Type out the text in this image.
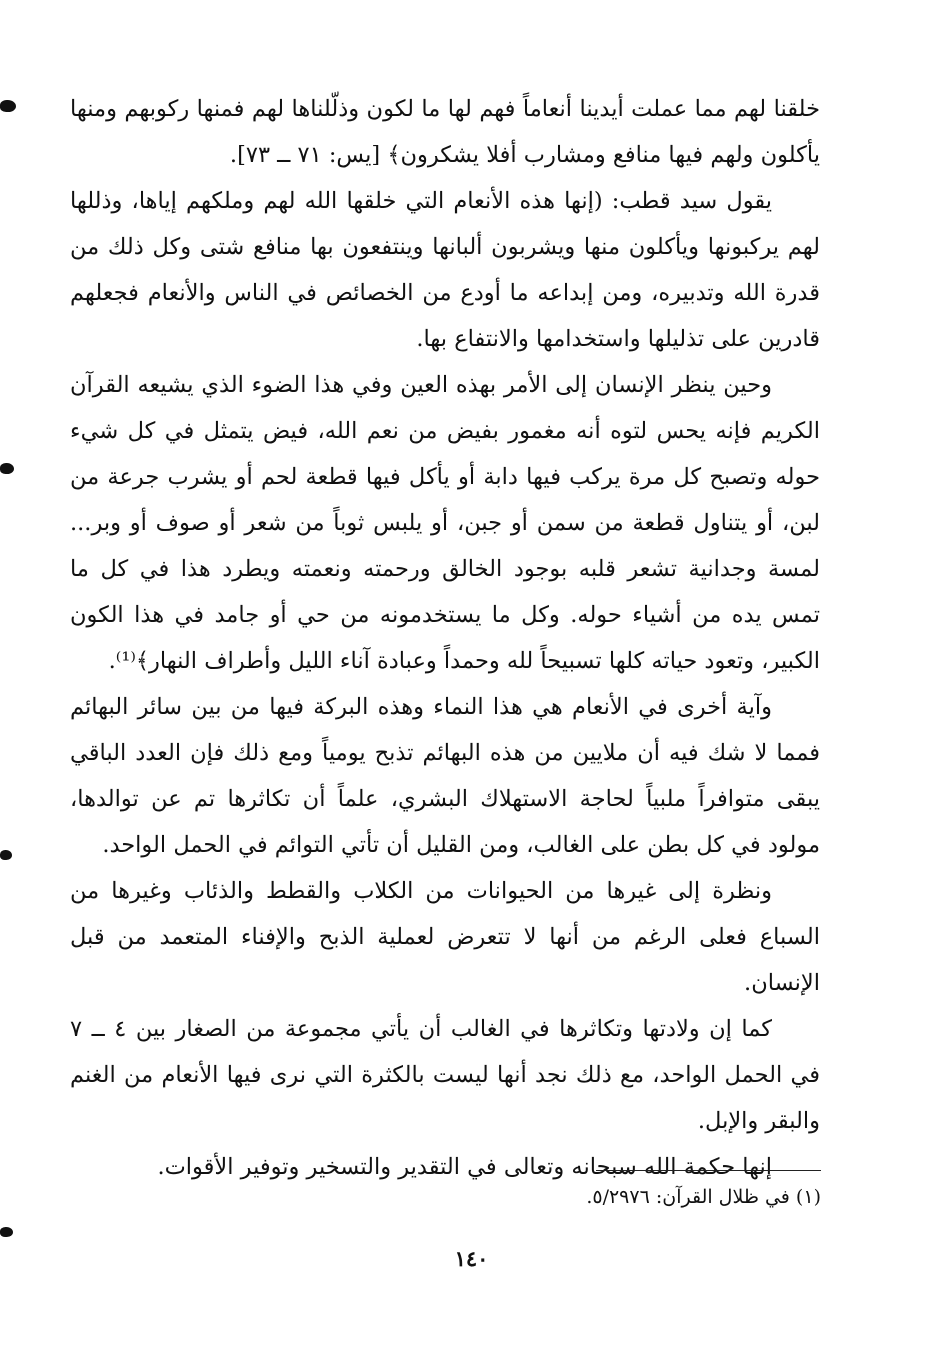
خلقنا لهم مما عملت أيدينا أنعاماً فهم لها ما لكون وذلّلناها لهم فمنها ركوبهم ومنها يأكلون ولهم فيها منافع ومشارب أفلا يشكرون﴾ [يس: ٧١ ــ ٧٣].

يقول سيد قطب: (إنها هذه الأنعام التي خلقها الله لهم وملكهم إياها، وذللها لهم يركبونها ويأكلون منها ويشربون ألبانها وينتفعون بها منافع شتى وكل ذلك من قدرة الله وتدبيره، ومن إبداعه ما أودع من الخصائص في الناس والأنعام فجعلهم قادرين على تذليلها واستخدامها والانتفاع بها.

وحين ينظر الإنسان إلى الأمر بهذه العين وفي هذا الضوء الذي يشيعه القرآن الكريم فإنه يحس لتوه أنه مغمور بفيض من نعم الله، فيض يتمثل في كل شيء حوله وتصبح كل مرة يركب فيها دابة أو يأكل فيها قطعة لحم أو يشرب جرعة من لبن، أو يتناول قطعة من سمن أو جبن، أو يلبس ثوباً من شعر أو صوف أو وبر... لمسة وجدانية تشعر قلبه بوجود الخالق ورحمته ونعمته ويطرد هذا في كل ما تمس يده من أشياء حوله. وكل ما يستخدمونه من حي أو جامد في هذا الكون الكبير، وتعود حياته كلها تسبيحاً لله وحمداً وعبادة آناء الليل وأطراف النهار﴾⁽¹⁾.

وآية أخرى في الأنعام هي هذا النماء وهذه البركة فيها من بين سائر البهائم فمما لا شك فيه أن ملايين من هذه البهائم تذبح يومياً ومع ذلك فإن العدد الباقي يبقى متوافراً ملبياً لحاجة الاستهلاك البشري، علماً أن تكاثرها تم عن توالدها، مولود في كل بطن على الغالب، ومن القليل أن تأتي التوائم في الحمل الواحد.

ونظرة إلى غيرها من الحيوانات من الكلاب والقطط والذئاب وغيرها من السباع فعلى الرغم من أنها لا تتعرض لعملية الذبح والإفناء المتعمد من قبل الإنسان.

كما إن ولادتها وتكاثرها في الغالب أن يأتي مجموعة من الصغار بين ٤ ــ ٧ في الحمل الواحد، مع ذلك نجد أنها ليست بالكثرة التي نرى فيها الأنعام من الغنم والبقر والإبل.

إنها حكمة الله سبحانه وتعالى في التقدير والتسخير وتوفير الأقوات.

(١) في ظلال القرآن: ٥/٢٩٧٦.

١٤٠
